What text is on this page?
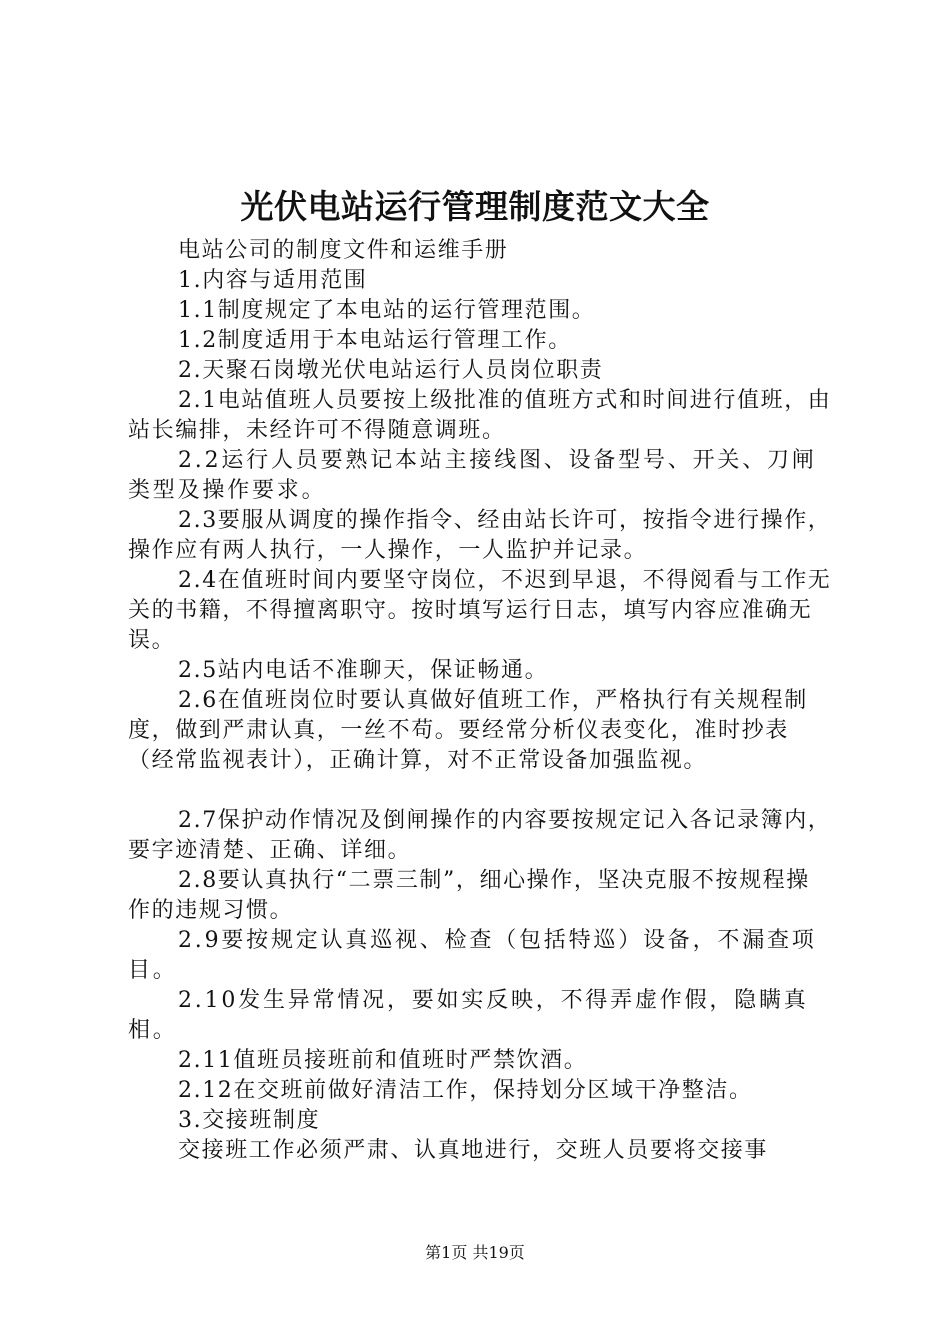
光伏电站运行管理制度范文大全

电站公司的制度文件和运维手册

1.内容与适用范围

1.1制度规定了本电站的运行管理范围。

1.2制度适用于本电站运行管理工作。

2.天聚石岗墩光伏电站运行人员岗位职责

2.1电站值班人员要按上级批准的值班方式和时间进行值班，由站长编排，未经许可不得随意调班。

2.2运行人员要熟记本站主接线图、设备型号、开关、刀闸类型及操作要求。

2.3要服从调度的操作指令、经由站长许可，按指令进行操作，操作应有两人执行，一人操作，一人监护并记录。

2.4在值班时间内要坚守岗位，不迟到早退，不得阅看与工作无关的书籍，不得擅离职守。按时填写运行日志，填写内容应准确无误。

2.5站内电话不准聊天，保证畅通。

2.6在值班岗位时要认真做好值班工作，严格执行有关规程制度，做到严肃认真，一丝不苟。要经常分析仪表变化，准时抄表（经常监视表计），正确计算，对不正常设备加强监视。

2.7保护动作情况及倒闸操作的内容要按规定记入各记录簿内，要字迹清楚、正确、详细。

2.8要认真执行“二票三制”，细心操作，坚决克服不按规程操作的违规习惯。

2.9要按规定认真巡视、检查（包括特巡）设备，不漏查项目。

2.10发生异常情况，要如实反映，不得弄虚作假，隐瞒真相。

2.11值班员接班前和值班时严禁饮酒。

2.12在交班前做好清洁工作，保持划分区域干净整洁。

3.交接班制度

交接班工作必须严肃、认真地进行，交班人员要将交接事

第1页 共19页
